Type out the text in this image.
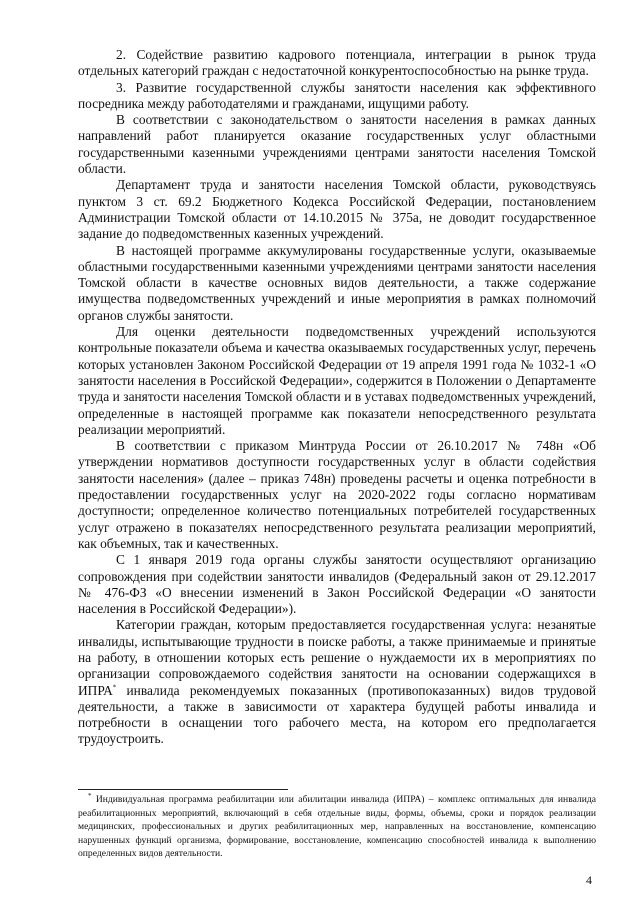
2. Содействие развитию кадрового потенциала, интеграции в рынок труда отдельных категорий граждан с недостаточной конкурентоспособностью на рынке труда.

3. Развитие государственной службы занятости населения как эффективного посредника между работодателями и гражданами, ищущими работу.

В соответствии с законодательством о занятости населения в рамках данных направлений работ планируется оказание государственных услуг областными государственными казенными учреждениями центрами занятости населения Томской области.

Департамент труда и занятости населения Томской области, руководствуясь пунктом 3 ст. 69.2 Бюджетного Кодекса Российской Федерации, постановлением Администрации Томской области от 14.10.2015 № 375а, не доводит государственное задание до подведомственных казенных учреждений.

В настоящей программе аккумулированы государственные услуги, оказываемые областными государственными казенными учреждениями центрами занятости населения Томской области в качестве основных видов деятельности, а также содержание имущества подведомственных учреждений и иные мероприятия в рамках полномочий органов службы занятости.

Для оценки деятельности подведомственных учреждений используются контрольные показатели объема и качества оказываемых государственных услуг, перечень которых установлен Законом Российской Федерации от 19 апреля 1991 года № 1032-1 «О занятости населения в Российской Федерации», содержится в Положении о Департаменте труда и занятости населения Томской области и в уставах подведомственных учреждений, определенные в настоящей программе как показатели непосредственного результата реализации мероприятий.

В соответствии с приказом Минтруда России от 26.10.2017 № 748н «Об утверждении нормативов доступности государственных услуг в области содействия занятости населения» (далее – приказ 748н) проведены расчеты и оценка потребности в предоставлении государственных услуг на 2020-2022 годы согласно нормативам доступности; определенное количество потенциальных потребителей государственных услуг отражено в показателях непосредственного результата реализации мероприятий, как объемных, так и качественных.

С 1 января 2019 года органы службы занятости осуществляют организацию сопровождения при содействии занятости инвалидов (Федеральный закон от 29.12.2017 № 476-ФЗ «О внесении изменений в Закон Российской Федерации «О занятости населения в Российской Федерации»).

Категории граждан, которым предоставляется государственная услуга: незанятые инвалиды, испытывающие трудности в поиске работы, а также принимаемые и принятые на работу, в отношении которых есть решение о нуждаемости их в мероприятиях по организации сопровождаемого содействия занятости на основании содержащихся в ИПРА* инвалида рекомендуемых показанных (противопоказанных) видов трудовой деятельности, а также в зависимости от характера будущей работы инвалида и потребности в оснащении того рабочего места, на котором его предполагается трудоустроить.

* Индивидуальная программа реабилитации или абилитации инвалида (ИПРА) – комплекс оптимальных для инвалида реабилитационных мероприятий, включающий в себя отдельные виды, формы, объемы, сроки и порядок реализации медицинских, профессиональных и других реабилитационных мер, направленных на восстановление, компенсацию нарушенных функций организма, формирование, восстановление, компенсацию способностей инвалида к выполнению определенных видов деятельности.

4
